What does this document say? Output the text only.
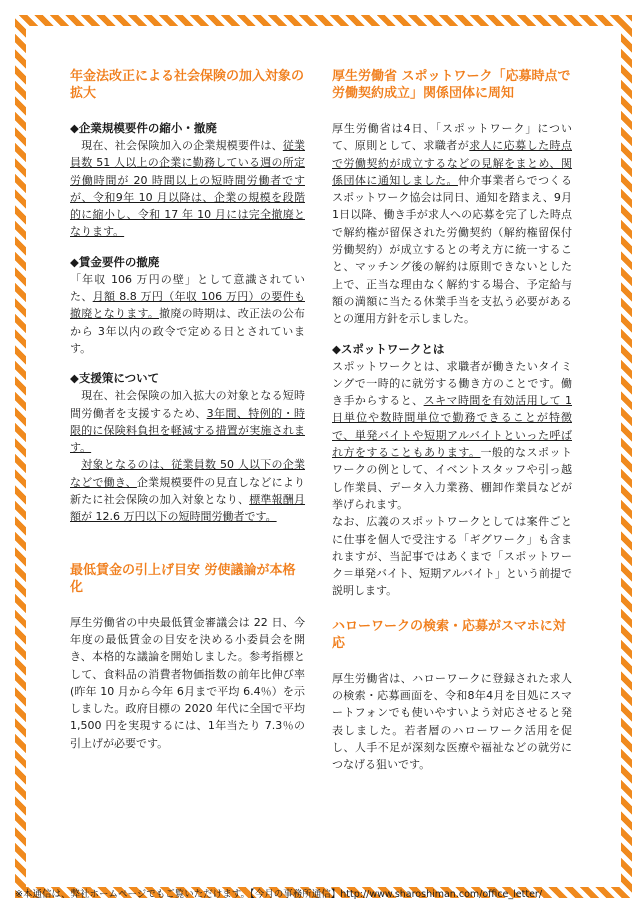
年金法改正による社会保険の加入対象の拡大

◆企業規模要件の縮小・撤廃

　現在、社会保険加入の企業規模要件は、従業員数 51 人以上の企業に勤務している週の所定労働時間が 20 時間以上の短時間労働者ですが、令和9年 10 月以降は、企業の規模を段階的に縮小し、令和 17 年 10 月には完全撤廃となります。

◆賃金要件の撤廃

「年収 106 万円の壁」として意識されていた、月額 8.8 万円（年収 106 万円）の要件も撤廃となります。撤廃の時期は、改正法の公布から 3年以内の政令で定める日とされています。

◆支援策について

　現在、社会保険の加入拡大の対象となる短時間労働者を支援するため、3年間、特例的・時限的に保険料負担を軽減する措置が実施されます。

　対象となるのは、従業員数 50 人以下の企業などで働き、企業規模要件の見直しなどにより新たに社会保険の加入対象となり、標準報酬月額が 12.6 万円以下の短時間労働者です。

最低賃金の引上げ目安 労使議論が本格化

厚生労働省の中央最低賃金審議会は 22 日、今年度の最低賃金の目安を決める小委員会を開き、本格的な議論を開始しました。参考指標として、食料品の消費者物価指数の前年比伸び率(昨年 10 月から今年 6月まで平均 6.4％）を示しました。政府目標の 2020 年代に全国で平均 1,500 円を実現するには、1年当たり 7.3％の引上げが必要です。

厚生労働省 スポットワーク「応募時点で労働契約成立」関係団体に周知

厚生労働省は4日、「スポットワーク」について、原則として、求職者が求人に応募した時点で労働契約が成立するなどの見解をまとめ、関係団体に通知しました。仲介事業者らでつくるスポットワーク協会は同日、通知を踏まえ、9月1日以降、働き手が求人への応募を完了した時点で解約権が留保された労働契約（解約権留保付労働契約）が成立するとの考え方に統一すること、マッチング後の解約は原則できないとした上で、正当な理由なく解約する場合、予定給与額の満額に当たる休業手当を支払う必要があるとの運用方針を示しました。

◆スポットワークとは

スポットワークとは、求職者が働きたいタイミングで一時的に就労する働き方のことです。働き手からすると、スキマ時間を有効活用して 1 日単位や数時間単位で勤務できることが特徴で、単発バイトや短期アルバイトといった呼ばれ方をすることもあります。一般的なスポットワークの例として、イベントスタッフや引っ越し作業員、データ入力業務、棚卸作業員などが挙げられます。

なお、広義のスポットワークとしては案件ごとに仕事を個人で受注する「ギグワーク」も含まれますが、当記事ではあくまで「スポットワーク＝単発バイト、短期アルバイト」という前提で説明します。

ハローワークの検索・応募がスマホに対応

厚生労働省は、ハローワークに登録された求人の検索・応募画面を、令和8年4月を目処にスマートフォンでも使いやすいよう対応させると発表しました。若者層のハローワーク活用を促し、人手不足が深刻な医療や福祉などの就労につなげる狙いです。

※本通信は、弊社ホームページでもご覧いただけます。【今月の事務所通信】http://www.sharoshiman.com/office_letter/
